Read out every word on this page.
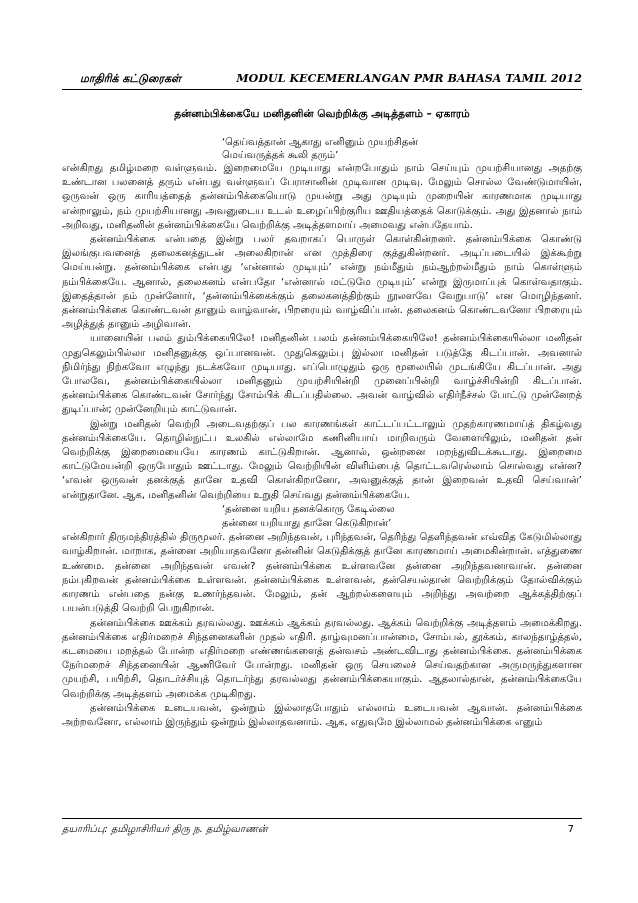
மாதிரிக் கட்டுரைகள்	MODUL KECEMERLANGAN PMR BAHASA TAMIL 2012
தன்னம்பிக்கையே மனிதனின் வெற்றிக்கு அடித்தளம் – ஏகாரம்
‘தெய்வத்தான் ஆகாது எனினும் முயற்சிதன்
மெய்வருத்தக் கூலி தரும்’

என்கிறது தமிழ்மறை வள்ளுவம். இறைமையே முடியாது என்றபோதும் நாம் செய்யும் முயற்சியானது அதற்கு உண்டான பலனைத் தரும் என்பது வள்ளுவப் பேராசானின் முடிவான முடிவு. மேலும் சொல்ல வேண்டுமாயின், ஒருவன் ஒரு காரியத்தைத் தன்னம்பிக்கையொடு முயன்று அது முடியும் முறையின் காரணமாக முடியாது என்றாலும், நம் முயற்சியானது அவனுடைய உடல் உழைப்பிற்குரிய ஊதியத்தைக் கொடுக்கும். அது இதனால் நாம் அறிவது, மனிதனின் தன்னம்பிக்கையே வெற்றிக்கு அடித்தளமாய் அமைவது என்பதேயாம்.

தன்னம்பிக்கை என்பதை இன்று பலர் தவறாகப் பொருள் கொள்கின்றனர். தன்னம்பிக்கை கொண்டு இலங்குபவனைத் தலைகனத்துடன் அலைகிறான் என முத்திரை குத்துகின்றனர். அடிப்படையில் இக்கூற்று மெய்யன்று. தன்னம்பிக்கை என்பது ‘என்னால் முடியும்’ என்று நம்மீதும் நம்ஆற்றல்மீதும் நாம் கொள்ளும் நம்பிக்கையே. ஆனால், தலைகனம் என்பதோ ‘என்னால் மட்டுமே முடியும்’ என்று இருமாப்புக் கொள்வதாகும். இதைத்தான் நம் முன்னோர், ‘தன்னம்பிக்கைக்கும் தலைகனத்திற்கும் நூலளவே வேறுபாடு’ என மொழிந்தனர். தன்னம்பிக்கை கொண்டவன் தானும் வாழ்வான், பிறரையும் வாழ்விப்பான். தலைகனம் கொண்டவனோ பிறரையும் அழித்துத் தானும் அழிவான்.

யானையின் பலம் தும்பிக்கையிலே! மனிதனின் பலம் தன்னம்பிக்கையிலே! தன்னம்பிக்கையில்லா மனிதன் முதுகெலும்பில்லா மனிதனுக்கு ஒப்பானவன். முதுகெலும்பு இல்லா மனிதன் படுத்தே கிடப்பான். அவனால் நிமிர்ந்து நிற்கவோ எழுந்து நடக்கவோ முடியாது. எப்பொழுதும் ஒரு மூலையில் முடங்கியே கிடப்பான். அது போலவே, தன்னம்பிக்கையில்லா மனிதனும் முயற்சியின்றி முனைப்பின்றி வாழ்ச்சியின்றி கிடப்பான். தன்னம்பிக்கை கொண்டவன் சோர்ந்து சோம்பிக் கிடப்பதில்லை. அவன் வாழ்வில் எதிர்நீச்சல் போட்டு முன்னேறத் துடிப்பான்; முன்னேறியும் காட்டுவான்.

இன்று மனிதன் வெற்றி அடைவதற்குப் பல காரணங்கள் காட்டப்பட்டாலும் முதற்காரணமாய்த் திகழ்வது தன்னம்பிக்கையே. தொழில்நுட்ப உலகில் எல்லாமே கணினியாய் மாறிவரும் வேளையிலும், மனிதன் தன் வெற்றிக்கு இறைமையையே காரணம் காட்டுகிறான். ஆனால், ஒன்றனை மறந்துவிடக்கூடாது. இறைமை காட்டுமேயன்றி ஒருபோதும் ஊட்டாது. மேலும் வெற்றியின் விளிம்பைத் தொட்டவரெல்லாம் சொல்வது என்ன? ‘எவன் ஒருவன் தனக்குத் தானே உதவி கொள்கிறானோ, அவனுக்குத் தான் இறைவன் உதவி செய்வான்’ என்றுதானே. ஆக, மனிதனின் வெற்றியை உறுதி செய்வது தன்னம்பிக்கையே.

‘தன்னை யறிய தனக்கொரு கேடில்லை
தன்னை யறியாது தானே கெடுகிறான்’

என்கிறார் திருமந்திரத்தில் திருமூலர். தன்னை அறிந்தவன், புரிந்தவன், தெரிந்து தெளிந்தவன் எவ்வித கேடுமில்லாது வாழ்கிறான். மாறாக, தன்னை அறியாதவனோ தன்னின் கெடுதிக்குத் தானே காரணமாய் அமைகின்றான். எத்துணை உண்மை. தன்னை அறிந்தவன் எவன்? தன்னம்பிக்கை உள்ளவனே தன்னை அறிந்தவனாவான். தன்னை நம்புகிறவன் தன்னம்பிக்கை உள்ளவன். தன்னம்பிக்கை உள்ளவன், தன்செயல்தான் வெற்றிக்கும் தோல்விக்கும் காரணம் என்பதை நன்கு உணர்ந்தவன். மேலும், தன் ஆற்றல்களையும் அறிந்து அவற்றை ஆக்கத்திற்குப் பயன்படுத்தி வெற்றி பெறுகிறான்.

தன்னம்பிக்கை ஊக்கம் தரவல்லது. ஊக்கம் ஆக்கம் தரவல்லது. ஆக்கம் வெற்றிக்கு அடித்தளம் அமைக்கிறது. தன்னம்பிக்கை எதிர்மறைச் சிந்தனைகளின் முதல் எதிரி. தாழ்வுமனப்பான்மை, சோம்பல், தூக்கம், காலந்தாழ்த்தல், கடமையை மறத்தல் போன்ற எதிர்மறை எண்ணங்களைத் தன்வசம் அண்டவிடாது தன்னம்பிக்கை. தன்னம்பிக்கை நேர்மறைச் சிந்தனையின் ஆணிவேர் போன்றது. மனிதன் ஒரு செயலைச் செய்வதற்கான அருமருந்துகளான முயற்சி, பயிற்சி, தொடர்ச்சியுத் தொடர்ந்து தரவல்லது தன்னம்பிக்கையாகும். ஆதலால்தான், தன்னம்பிக்கையே வெற்றிக்கு அடித்தளம் அமைக்க முடிகிறது.

தன்னம்பிக்கை உடையவன், ஒன்றும் இல்லாதபோதும் எல்லாம் உடையவன் ஆவான். தன்னம்பிக்கை அற்றவனோ, எல்லாம் இருந்தும் ஒன்றும் இல்லாதவனாம். ஆக, எதுவுமே இல்லாமல் தன்னம்பிக்கை எனும்

தயாரிப்பு: தமிழாசிரியர் திரு ந. தமிழ்வாணன்	7
